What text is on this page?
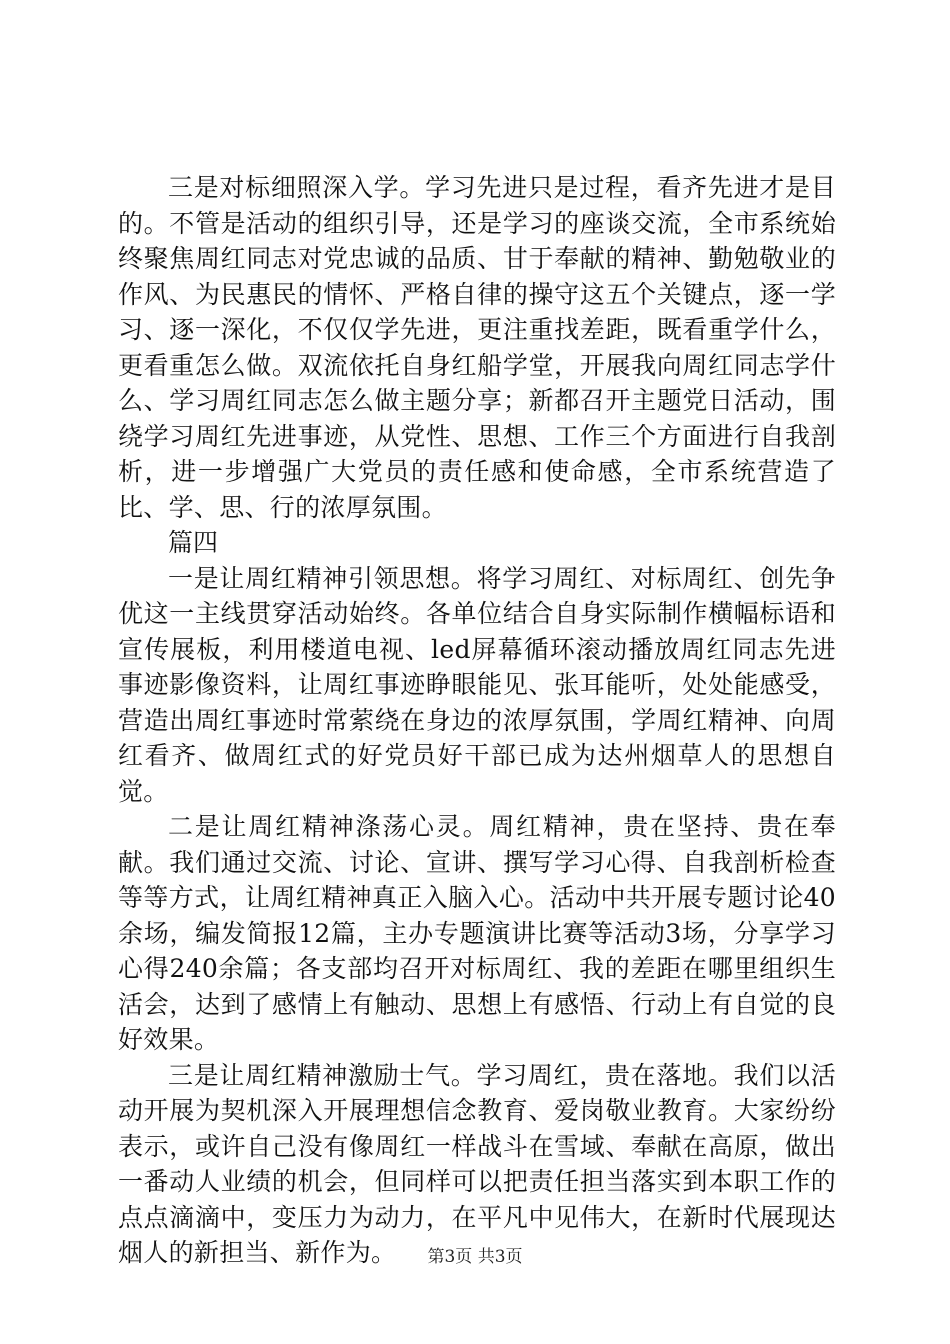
三是对标细照深入学。学习先进只是过程，看齐先进才是目的。不管是活动的组织引导，还是学习的座谈交流，全市系统始终聚焦周红同志对党忠诚的品质、甘于奉献的精神、勤勉敬业的作风、为民惠民的情怀、严格自律的操守这五个关键点，逐一学习、逐一深化，不仅仅学先进，更注重找差距，既看重学什么，更看重怎么做。双流依托自身红船学堂，开展我向周红同志学什么、学习周红同志怎么做主题分享；新都召开主题党日活动，围绕学习周红先进事迹，从党性、思想、工作三个方面进行自我剖析，进一步增强广大党员的责任感和使命感，全市系统营造了比、学、思、行的浓厚氛围。

篇四

一是让周红精神引领思想。将学习周红、对标周红、创先争优这一主线贯穿活动始终。各单位结合自身实际制作横幅标语和宣传展板，利用楼道电视、led屏幕循环滚动播放周红同志先进事迹影像资料，让周红事迹睁眼能见、张耳能听，处处能感受，营造出周红事迹时常萦绕在身边的浓厚氛围，学周红精神、向周红看齐、做周红式的好党员好干部已成为达州烟草人的思想自觉。

二是让周红精神涤荡心灵。周红精神，贵在坚持、贵在奉献。我们通过交流、讨论、宣讲、撰写学习心得、自我剖析检查等等方式，让周红精神真正入脑入心。活动中共开展专题讨论40余场，编发简报12篇，主办专题演讲比赛等活动3场，分享学习心得240余篇；各支部均召开对标周红、我的差距在哪里组织生活会，达到了感情上有触动、思想上有感悟、行动上有自觉的良好效果。

三是让周红精神激励士气。学习周红，贵在落地。我们以活动开展为契机深入开展理想信念教育、爱岗敬业教育。大家纷纷表示，或许自己没有像周红一样战斗在雪域、奉献在高原，做出一番动人业绩的机会，但同样可以把责任担当落实到本职工作的点点滴滴中，变压力为动力，在平凡中见伟大，在新时代展现达烟人的新担当、新作为。	第3页 共3页
